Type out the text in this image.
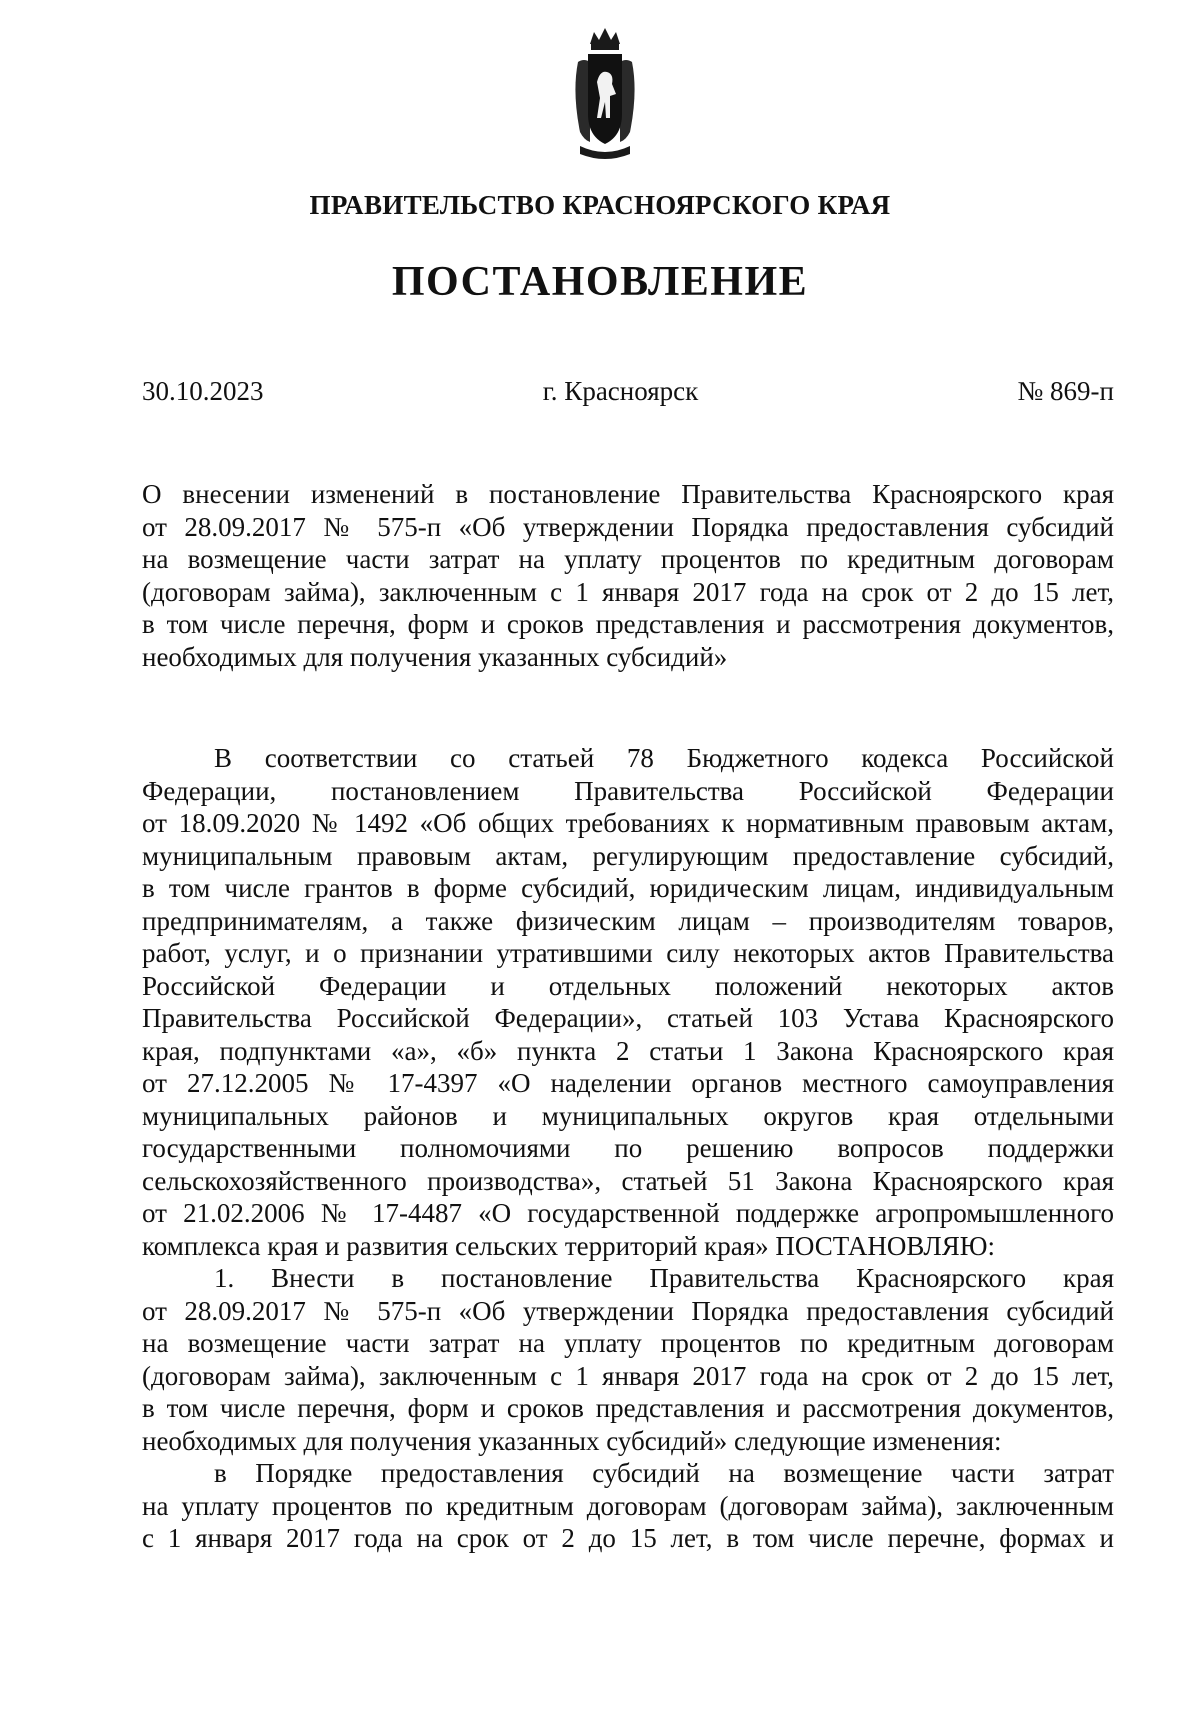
ПРАВИТЕЛЬСТВО КРАСНОЯРСКОГО КРАЯ
ПОСТАНОВЛЕНИЕ
30.10.2023	г. Красноярск	№ 869-п
О внесении изменений в постановление Правительства Красноярского края
от 28.09.2017 № 575-п «Об утверждении Порядка предоставления субсидий
на возмещение части затрат на уплату процентов по кредитным договорам
(договорам займа), заключенным с 1 января 2017 года на срок от 2 до 15 лет,
в том числе перечня, форм и сроков представления и рассмотрения документов,
необходимых для получения указанных субсидий»
В соответствии со статьей 78 Бюджетного кодекса Российской
Федерации, постановлением Правительства Российской Федерации
от 18.09.2020 № 1492 «Об общих требованиях к нормативным правовым актам,
муниципальным правовым актам, регулирующим предоставление субсидий,
в том числе грантов в форме субсидий, юридическим лицам, индивидуальным
предпринимателям, а также физическим лицам – производителям товаров,
работ, услуг, и о признании утратившими силу некоторых актов Правительства
Российской Федерации и отдельных положений некоторых актов
Правительства Российской Федерации», статьей 103 Устава Красноярского
края, подпунктами «а», «б» пункта 2 статьи 1 Закона Красноярского края
от 27.12.2005 № 17-4397 «О наделении органов местного самоуправления
муниципальных районов и муниципальных округов края отдельными
государственными полномочиями по решению вопросов поддержки
сельскохозяйственного производства», статьей 51 Закона Красноярского края
от 21.02.2006 № 17-4487 «О государственной поддержке агропромышленного
комплекса края и развития сельских территорий края» ПОСТАНОВЛЯЮ:
1. Внести в постановление Правительства Красноярского края
от 28.09.2017 № 575-п «Об утверждении Порядка предоставления субсидий
на возмещение части затрат на уплату процентов по кредитным договорам
(договорам займа), заключенным с 1 января 2017 года на срок от 2 до 15 лет,
в том числе перечня, форм и сроков представления и рассмотрения документов,
необходимых для получения указанных субсидий» следующие изменения:
в Порядке предоставления субсидий на возмещение части затрат
на уплату процентов по кредитным договорам (договорам займа), заключенным
с 1 января 2017 года на срок от 2 до 15 лет, в том числе перечне, формах и
